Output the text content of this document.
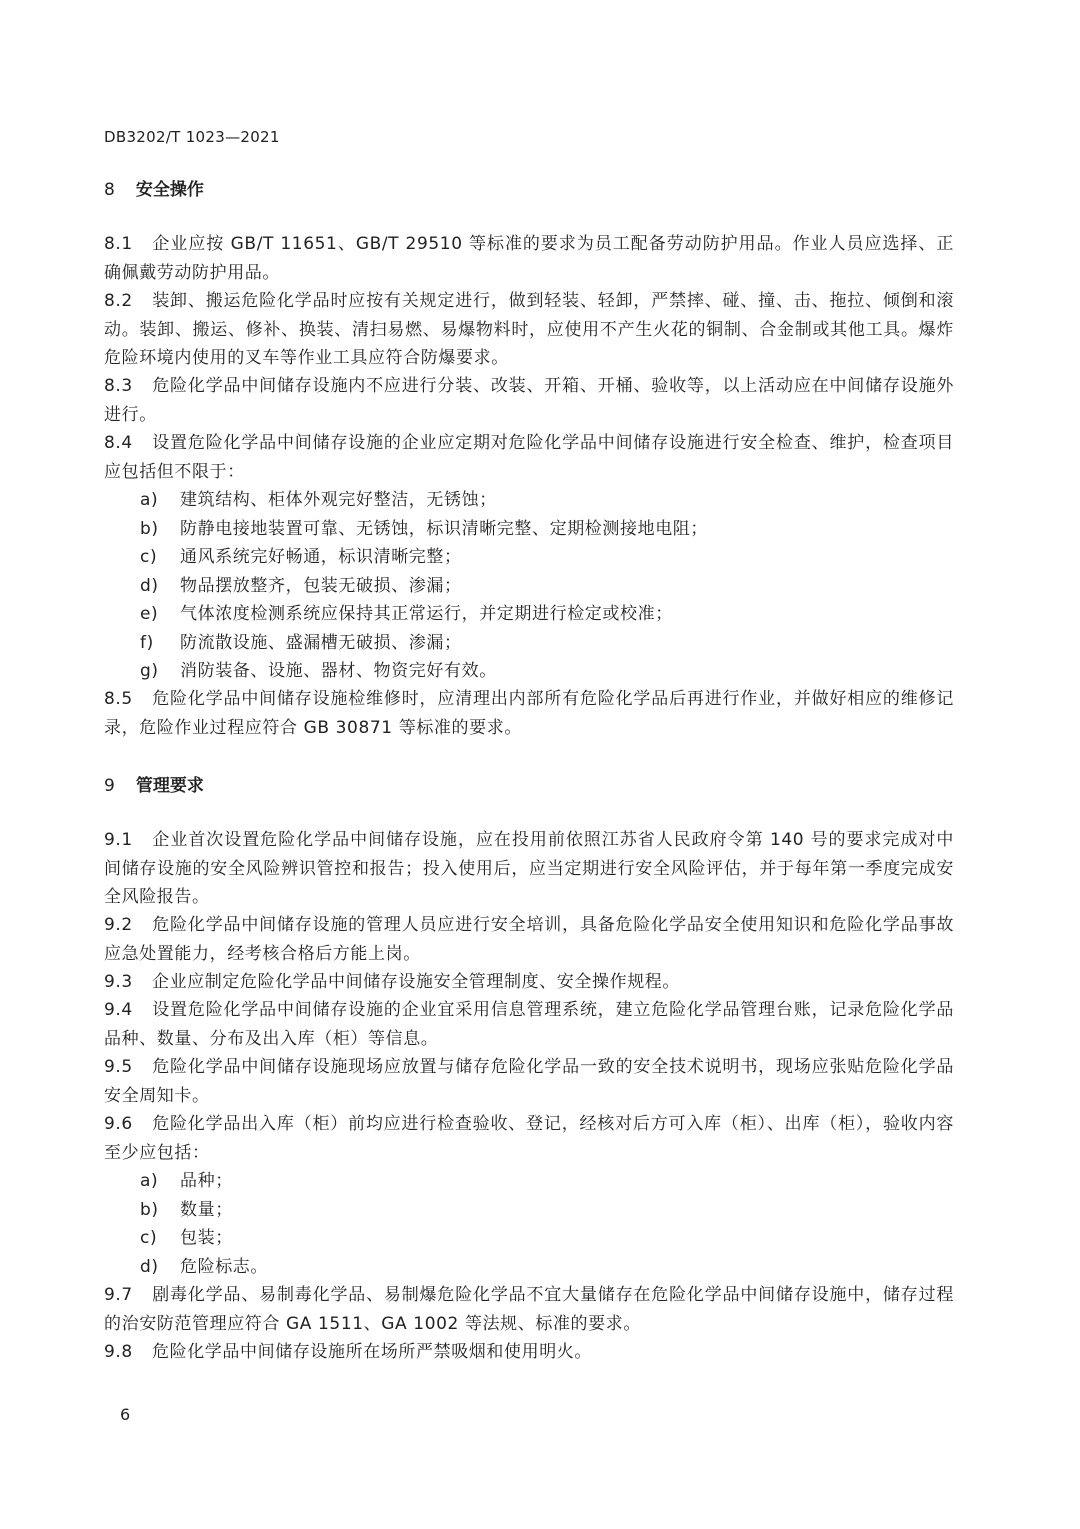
DB3202/T 1023—2021
8 安全操作
8.1 企业应按 GB/T 11651、GB/T 29510 等标准的要求为员工配备劳动防护用品。作业人员应选择、正确佩戴劳动防护用品。
8.2 装卸、搬运危险化学品时应按有关规定进行，做到轻装、轻卸，严禁摔、碰、撞、击、拖拉、倾倒和滚动。装卸、搬运、修补、换装、清扫易燃、易爆物料时，应使用不产生火花的铜制、合金制或其他工具。爆炸危险环境内使用的叉车等作业工具应符合防爆要求。
8.3 危险化学品中间储存设施内不应进行分装、改装、开箱、开桶、验收等，以上活动应在中间储存设施外进行。
8.4 设置危险化学品中间储存设施的企业应定期对危险化学品中间储存设施进行安全检查、维护，检查项目应包括但不限于：
a) 建筑结构、柜体外观完好整洁，无锈蚀；
b) 防静电接地装置可靠、无锈蚀，标识清晰完整、定期检测接地电阻；
c) 通风系统完好畅通，标识清晰完整；
d) 物品摆放整齐，包装无破损、渗漏；
e) 气体浓度检测系统应保持其正常运行，并定期进行检定或校准；
f) 防流散设施、盛漏槽无破损、渗漏；
g) 消防装备、设施、器材、物资完好有效。
8.5 危险化学品中间储存设施检维修时，应清理出内部所有危险化学品后再进行作业，并做好相应的维修记录，危险作业过程应符合 GB 30871 等标准的要求。
9 管理要求
9.1 企业首次设置危险化学品中间储存设施，应在投用前依照江苏省人民政府令第 140 号的要求完成对中间储存设施的安全风险辨识管控和报告；投入使用后，应当定期进行安全风险评估，并于每年第一季度完成安全风险报告。
9.2 危险化学品中间储存设施的管理人员应进行安全培训，具备危险化学品安全使用知识和危险化学品事故应急处置能力，经考核合格后方能上岗。
9.3 企业应制定危险化学品中间储存设施安全管理制度、安全操作规程。
9.4 设置危险化学品中间储存设施的企业宜采用信息管理系统，建立危险化学品管理台账，记录危险化学品品种、数量、分布及出入库（柜）等信息。
9.5 危险化学品中间储存设施现场应放置与储存危险化学品一致的安全技术说明书，现场应张贴危险化学品安全周知卡。
9.6 危险化学品出入库（柜）前均应进行检查验收、登记，经核对后方可入库（柜）、出库（柜），验收内容至少应包括：
a) 品种；
b) 数量；
c) 包装；
d) 危险标志。
9.7 剧毒化学品、易制毒化学品、易制爆危险化学品不宜大量储存在危险化学品中间储存设施中，储存过程的治安防范管理应符合 GA 1511、GA 1002 等法规、标准的要求。
9.8 危险化学品中间储存设施所在场所严禁吸烟和使用明火。
6
